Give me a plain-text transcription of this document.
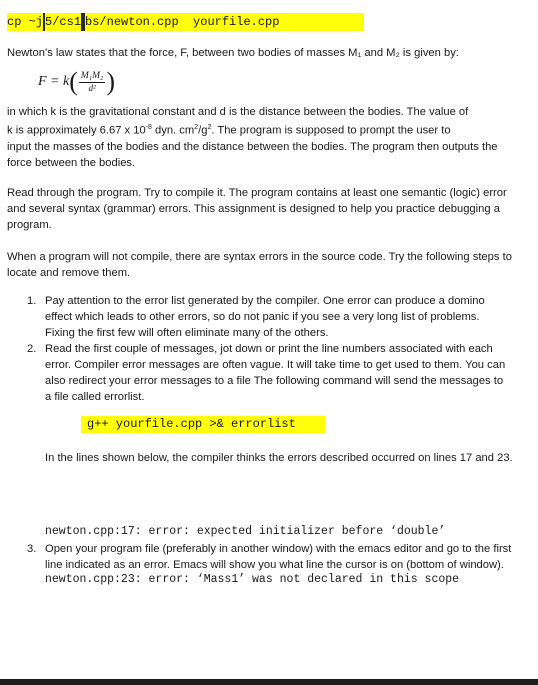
cp ~j 5/cs1 bs/newton.cpp  yourfile.cpp
Newton’s law states that the force, F, between two bodies of masses M₁ and M₂ is given by:
F = k ( $\frac{\text{M₁M₂}}{\text{d²}}$ )
in which k is the gravitational constant and d is the distance between the bodies. The value of
k is approximately 6.67 x $10^{-8}$ dyn. $cm^2/g^2$. The program is supposed to prompt the user to
input the masses of the bodies and the distance between the bodies. The program then outputs the force between the bodies.
Read through the program. Try to compile it. The program contains at least one semantic (logic) error and several syntax (grammar) errors. This assignment is designed to help you practice debugging a program.
When a program will not compile, there are syntax errors in the source code. Try the following steps to locate and remove them.
1. Pay attention to the error list generated by the compiler. One error can produce a domino effect which leads to other errors, so do not panic if you see a very long list of problems. Fixing the first few will often eliminate many of the others.
2. Read the first couple of messages, jot down or print the line numbers associated with each error. Compiler error messages are often vague. It will take time to get used to them. You can also redirect your error messages to a file The following command will send the messages to a file called errorlist.
g++ yourfile.cpp >& errorlist
In the lines shown below, the compiler thinks the errors described occurred on lines 17 and 23.

newton.cpp:17: error: expected initializer before ‘double’

newton.cpp:23: error: ‘Mass1’ was not declared in this scope

3. Open your program file (preferably in another window) with the emacs editor and go to the first line indicated as an error. Emacs will show you what line the cursor is on (bottom of window).
